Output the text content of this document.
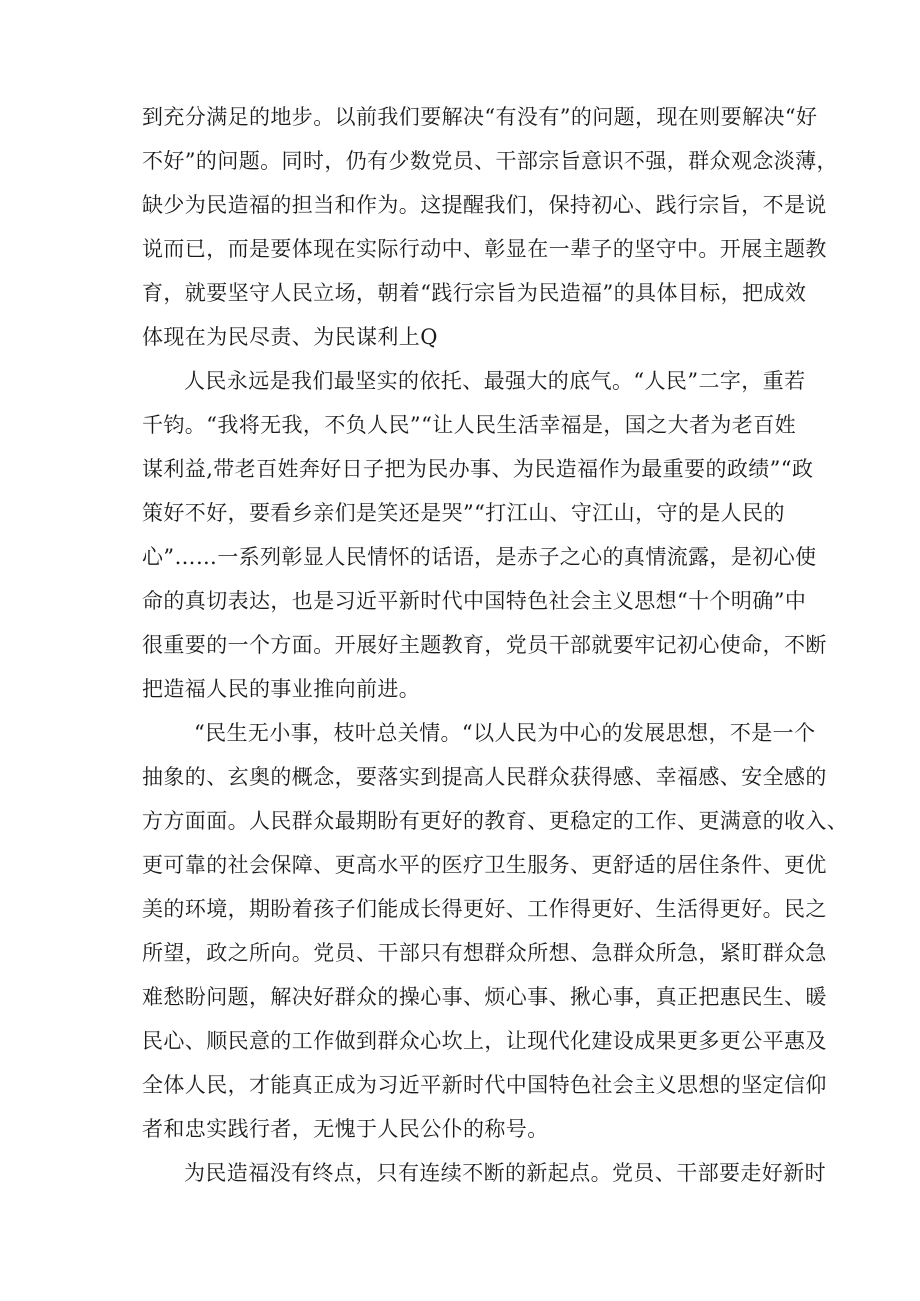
到充分满足的地步。以前我们要解决“有没有”的问题，现在则要解决“好
不好”的问题。同时，仍有少数党员、干部宗旨意识不强，群众观念淡薄，
缺少为民造福的担当和作为。这提醒我们，保持初心、践行宗旨，不是说
说而已，而是要体现在实际行动中、彰显在一辈子的坚守中。开展主题教
育，就要坚守人民立场，朝着“践行宗旨为民造福”的具体目标，把成效
体现在为民尽责、为民谋利上Q
人民永远是我们最坚实的依托、最强大的底气。“人民”二字，重若
千钧。“我将无我，不负人民”“让人民生活幸福是，国之大者为老百姓
谋利益,带老百姓奔好日子把为民办事、为民造福作为最重要的政绩”“政
策好不好，要看乡亲们是笑还是哭”“打江山、守江山，守的是人民的
心”……一系列彰显人民情怀的话语，是赤子之心的真情流露，是初心使
命的真切表达，也是习近平新时代中国特色社会主义思想“十个明确”中
很重要的一个方面。开展好主题教育，党员干部就要牢记初心使命，不断
把造福人民的事业推向前进。
“民生无小事，枝叶总关情。“以人民为中心的发展思想，不是一个
抽象的、玄奥的概念，要落实到提高人民群众获得感、幸福感、安全感的
方方面面。人民群众最期盼有更好的教育、更稳定的工作、更满意的收入、
更可靠的社会保障、更高水平的医疗卫生服务、更舒适的居住条件、更优
美的环境，期盼着孩子们能成长得更好、工作得更好、生活得更好。民之
所望，政之所向。党员、干部只有想群众所想、急群众所急，紧盯群众急
难愁盼问题，解决好群众的操心事、烦心事、揪心事，真正把惠民生、暖
民心、顺民意的工作做到群众心坎上，让现代化建设成果更多更公平惠及
全体人民，才能真正成为习近平新时代中国特色社会主义思想的坚定信仰
者和忠实践行者，无愧于人民公仆的称号。
为民造福没有终点，只有连续不断的新起点。党员、干部要走好新时
